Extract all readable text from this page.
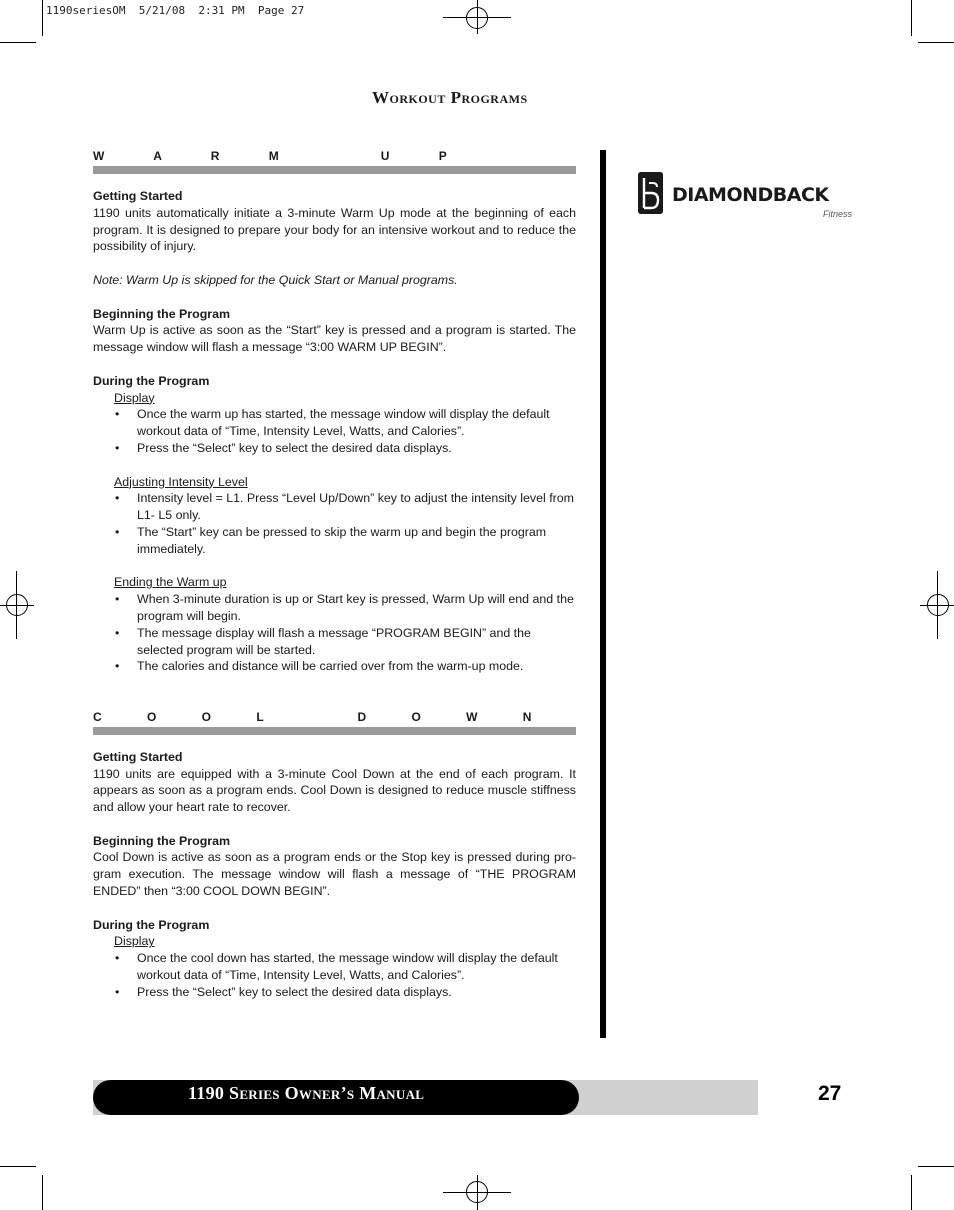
1190seriesOM  5/21/08  2:31 PM  Page 27
Workout Programs
W A R M   U P
Getting Started

1190 units automatically initiate a 3-minute Warm Up mode at the beginning of each program. It is designed to prepare your body for an intensive workout and to reduce the possibility of injury.

Note: Warm Up is skipped for the Quick Start or Manual programs.

Beginning the Program

Warm Up is active as soon as the “Start” key is pressed and a program is started. The message window will flash a message “3:00 WARM UP BEGIN”.

During the Program
Display
• Once the warm up has started, the message window will display the default workout data of “Time, Intensity Level, Watts, and Calories”.
• Press the “Select” key to select the desired data displays.
Adjusting Intensity Level
• Intensity level = L1. Press “Level Up/Down” key to adjust the intensity level from L1- L5 only.
• The “Start” key can be pressed to skip the warm up and begin the program immediately.
Ending the Warm up
• When 3-minute duration is up or Start key is pressed, Warm Up will end and the program will begin.
• The message display will flash a message “PROGRAM BEGIN” and the selected program will be started.
• The calories and distance will be carried over from the warm-up mode.
C O O L   D O W N
Getting Started

1190 units are equipped with a 3-minute Cool Down at the end of each program. It appears as soon as a program ends. Cool Down is designed to reduce muscle stiffness and allow your heart rate to recover.

Beginning the Program

Cool Down is active as soon as a program ends or the Stop key is pressed during pro-gram execution. The message window will flash a message of “THE PROGRAM ENDED” then “3:00 COOL DOWN BEGIN”.

During the Program
Display
• Once the cool down has started, the message window will display the default workout data of “Time, Intensity Level, Watts, and Calories”.
• Press the “Select” key to select the desired data displays.
DIAMONDBACK
Fitness
1190 Series Owner’s Manual	27
